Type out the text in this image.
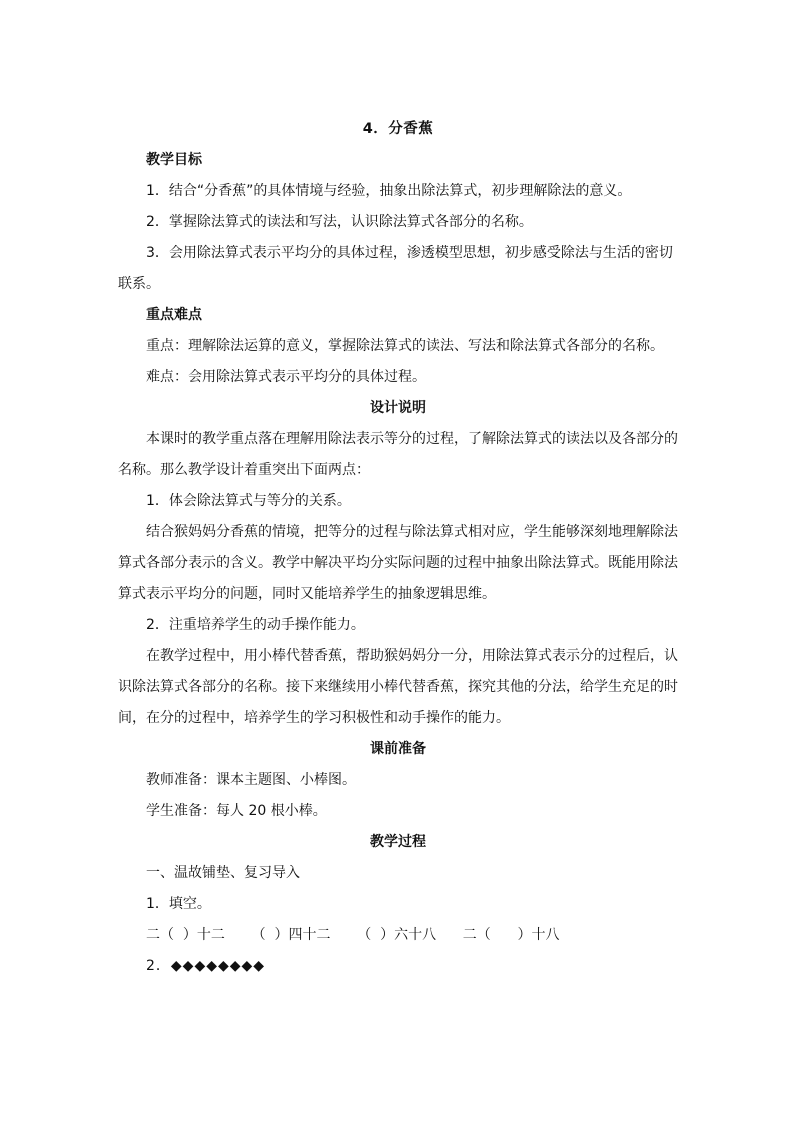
4．分香蕉
教学目标
1．结合“分香蕉”的具体情境与经验，抽象出除法算式，初步理解除法的意义。
2．掌握除法算式的读法和写法，认识除法算式各部分的名称。
3．会用除法算式表示平均分的具体过程，渗透模型思想，初步感受除法与生活的密切
联系。
重点难点
重点：理解除法运算的意义，掌握除法算式的读法、写法和除法算式各部分的名称。
难点：会用除法算式表示平均分的具体过程。
设计说明
本课时的教学重点落在理解用除法表示等分的过程，了解除法算式的读法以及各部分的
名称。那么教学设计着重突出下面两点：
1．体会除法算式与等分的关系。
结合猴妈妈分香蕉的情境，把等分的过程与除法算式相对应，学生能够深刻地理解除法
算式各部分表示的含义。教学中解决平均分实际问题的过程中抽象出除法算式。既能用除法
算式表示平均分的问题，同时又能培养学生的抽象逻辑思维。
2．注重培养学生的动手操作能力。
在教学过程中，用小棒代替香蕉，帮助猴妈妈分一分，用除法算式表示分的过程后，认
识除法算式各部分的名称。接下来继续用小棒代替香蕉，探究其他的分法，给学生充足的时
间，在分的过程中，培养学生的学习积极性和动手操作的能力。
课前准备
教师准备：课本主题图、小棒图。
学生准备：每人 20 根小棒。
教学过程
一、温故铺垫、复习导入
1．填空。
二（  ）十二      （  ）四十二      （  ）六十八      二（      ）十八
2．◆◆◆◆◆◆◆◆
